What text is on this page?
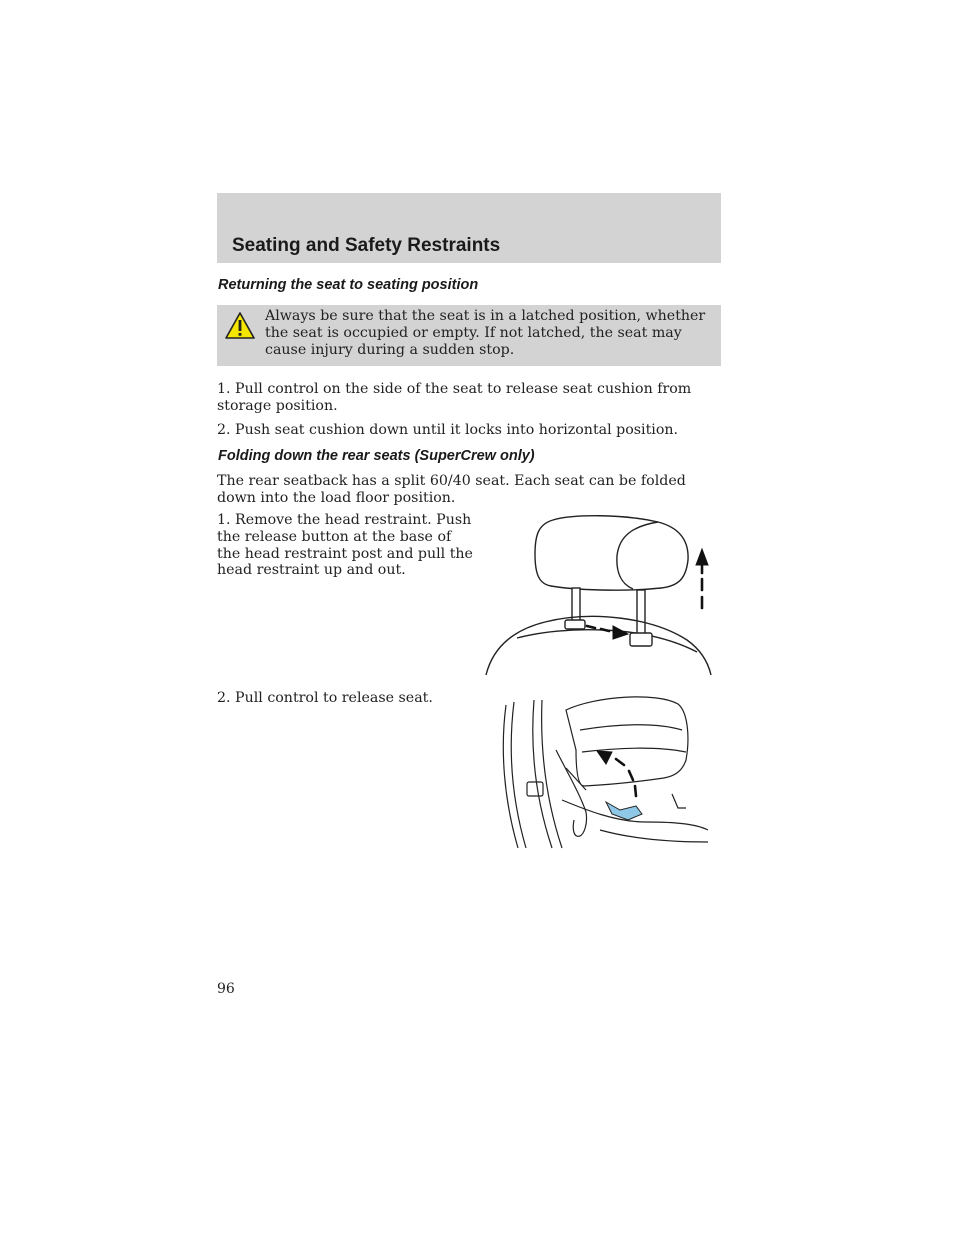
Seating and Safety Restraints
Returning the seat to seating position

Always be sure that the seat is in a latched position, whether the seat is occupied or empty. If not latched, the seat may cause injury during a sudden stop.

1. Pull control on the side of the seat to release seat cushion from storage position.

2. Push seat cushion down until it locks into horizontal position.

Folding down the rear seats (SuperCrew only)

The rear seatback has a split 60/40 seat. Each seat can be folded down into the load floor position.

1. Remove the head restraint. Push the release button at the base of the head restraint post and pull the head restraint up and out.

2. Pull control to release seat.

96
